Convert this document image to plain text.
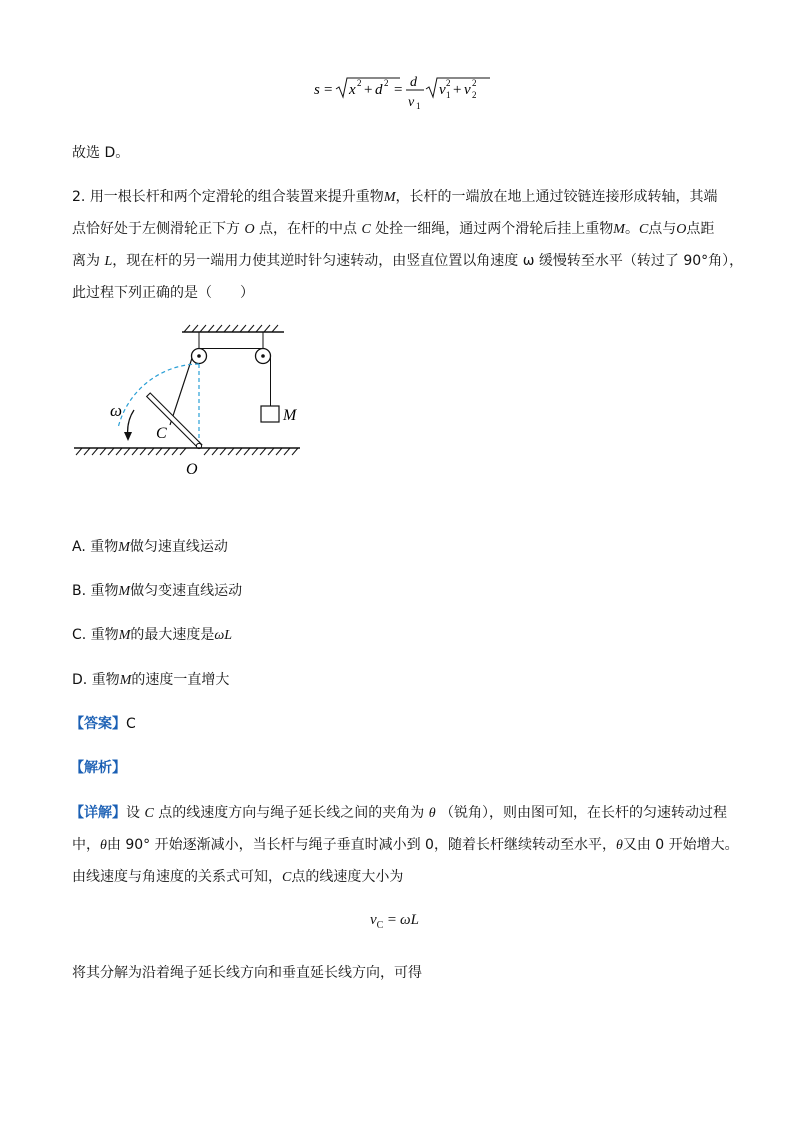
s = x 2 + d 2 = d
v 1
v 2
1 + v 2
2
故选 D。
2. 用一根长杆和两个定滑轮的组合装置来提升重物M，长杆的一端放在地上通过铰链连接形成转轴，其端
点恰好处于左侧滑轮正下方 O 点，在杆的中点 C 处拴一细绳，通过两个滑轮后挂上重物M。C点与O点距
离为 L，现在杆的另一端用力使其逆时针匀速转动，由竖直位置以角速度 ω 缓慢转至水平（转过了 90°角），
此过程下列正确的是（　　）
M
ω
C
O
A. 重物M做匀速直线运动
B. 重物M做匀变速直线运动
C. 重物M的最大速度是ωL
D. 重物M的速度一直增大
【答案】C
【解析】
【详解】设 C 点的线速度方向与绳子延长线之间的夹角为 θ （锐角），则由图可知，在长杆的匀速转动过程
中，θ由 90° 开始逐渐减小，当长杆与绳子垂直时减小到 0，随着长杆继续转动至水平，θ又由 0 开始增大。
由线速度与角速度的关系式可知，C点的线速度大小为
$v_C = \omega L$
将其分解为沿着绳子延长线方向和垂直延长线方向，可得
